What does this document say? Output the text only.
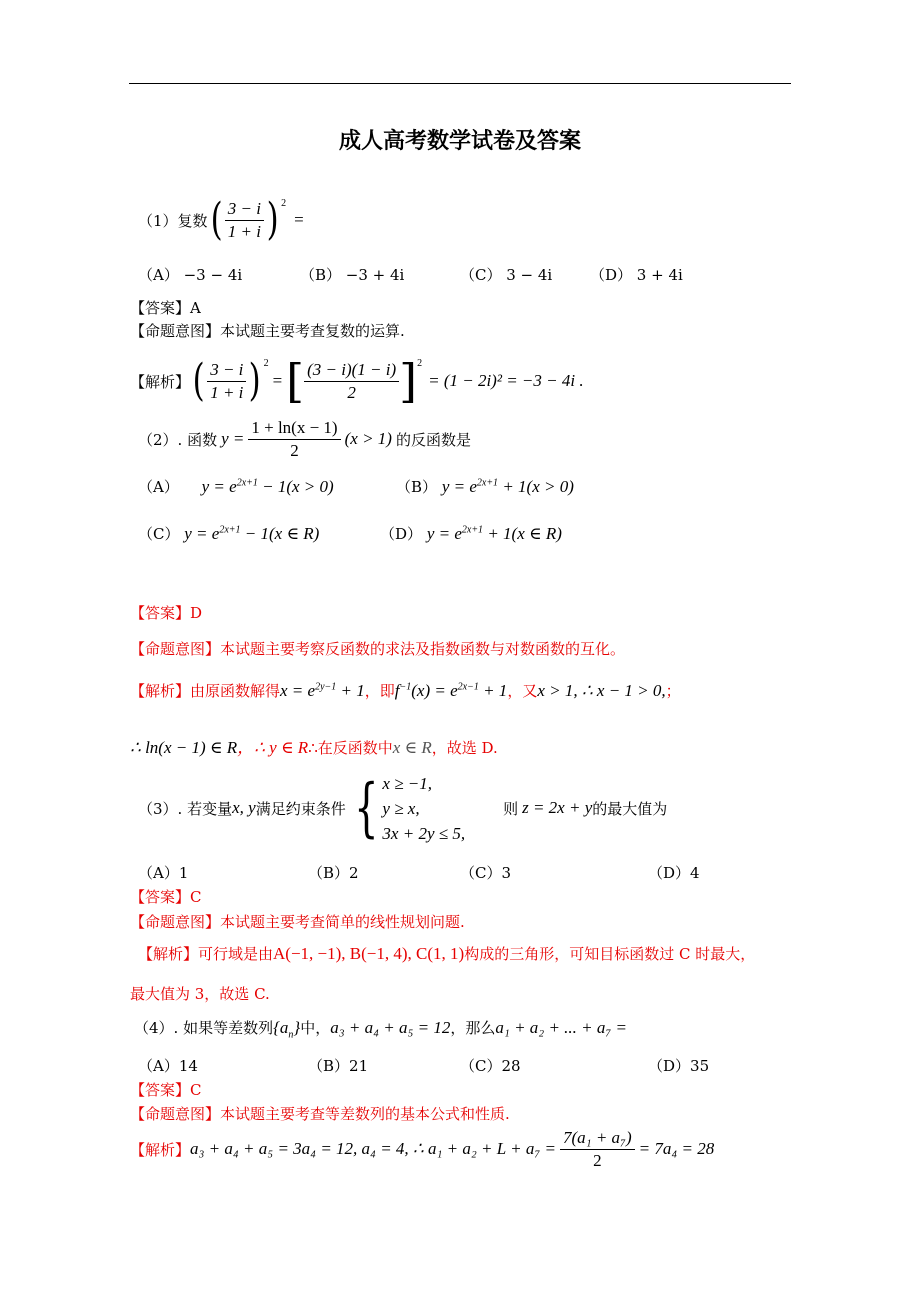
成人高考数学试卷及答案
（1）复数 ( $\frac{3 - i}{1 + i}$ ) $^2$
=
（A） −3 − 4i	（B） −3 + 4i	（C） 3 − 4i	（D） 3 + 4i
【答案】A
【命题意图】本试题主要考查复数的运算.
【解析】 ( $\frac{3 - i}{1 + i}$ ) $^2$
= [ $\frac{(3 - i)(1 - i)}{2} ]^2$
= (1 − 2i)² = −3 − 4i .
（2）. 函数 $y = \frac{1 + \ln(x - 1)}{2} (x > 1)$ 的反函数是
（A） $y = e^{2x+1} - 1(x > 0)$	（B） $y = e^{2x+1} + 1(x > 0)$
（C） $y = e^{2x+1} - 1(x$ ∈ R)	（D） $y = e^{2x+1} + 1(x$ ∈ R)
【答案】D
【命题意图】本试题主要考察反函数的求法及指数函数与对数函数的互化。
【解析】由原函数解得$x = e^{2y-1} + 1$，即$f^{-1}(x) = e^{2x-1} + 1$，又x > 1, ∴ x − 1 > 0,；
∴ ln(x − 1) ∈ R，∴ y ∈ R∴在反函数中x ∈ R，故选 D.
（3）. 若变量 x, y 满足约束条件 { x ≥ −1,
y ≥ x,
3x + 2y ≤ 5,
则 z = 2x + y 的最大值为
（A）1	（B）2	（C）3	（D）4
【答案】C
【命题意图】本试题主要考查简单的线性规划问题.
【解析】可行域是由A(−1, −1), B(−1, 4), C(1, 1)构成的三角形，可知目标函数过 C 时最大，
最大值为 3，故选 C.
（4）. 如果等差数列$\{a_n\}$中，a₃ + a₄ + a₅ = 12，那么a₁ + a₂ + ... + a₇ =
（A）14	（B）21	（C）28	（D）35
【答案】C
【命题意图】本试题主要考查等差数列的基本公式和性质.
【解析】 a₃ + a₄ + a₅ = 3a₄ = 12, a₄ = 4, ∴ $a_1 + a_2 + L + a_7 = \frac{\text{7(a₁ + a₇)}}{2} = 7a_4 = 28$
